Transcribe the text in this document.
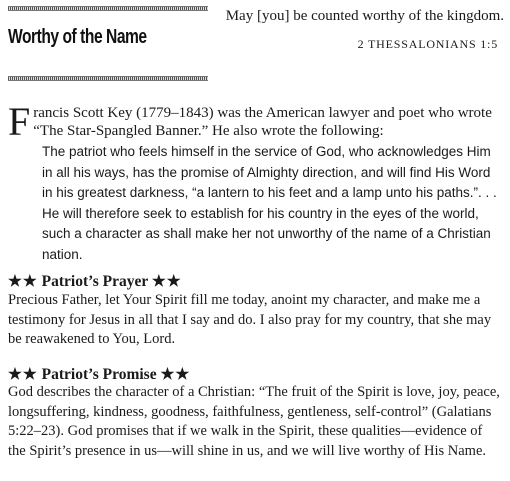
Worthy of the Name
May [you] be counted worthy of the kingdom.
2 THESSALONIANS 1:5
F rancis Scott Key (1779–1843) was the American lawyer and poet who wrote “The Star-Spangled Banner.” He also wrote the following:
The patriot who feels himself in the service of God, who acknowledges Him in all his ways, has the promise of Almighty direction, and will find His Word in his greatest darkness, “a lantern to his feet and a lamp unto his paths.”. . . He will therefore seek to establish for his country in the eyes of the world, such a character as shall make her not unworthy of the name of a Christian nation.
★★ Patriot’s Prayer ★★
Precious Father, let Your Spirit fill me today, anoint my character, and make me a testimony for Jesus in all that I say and do. I also pray for my country, that she may be reawakened to You, Lord.
★★ Patriot’s Promise ★★
God describes the character of a Christian: “The fruit of the Spirit is love, joy, peace, longsuffering, kindness, goodness, faithfulness, gentleness, self-control” (Galatians 5:22–23). God promises that if we walk in the Spirit, these qualities—evidence of the Spirit’s presence in us—will shine in us, and we will live worthy of His Name.
